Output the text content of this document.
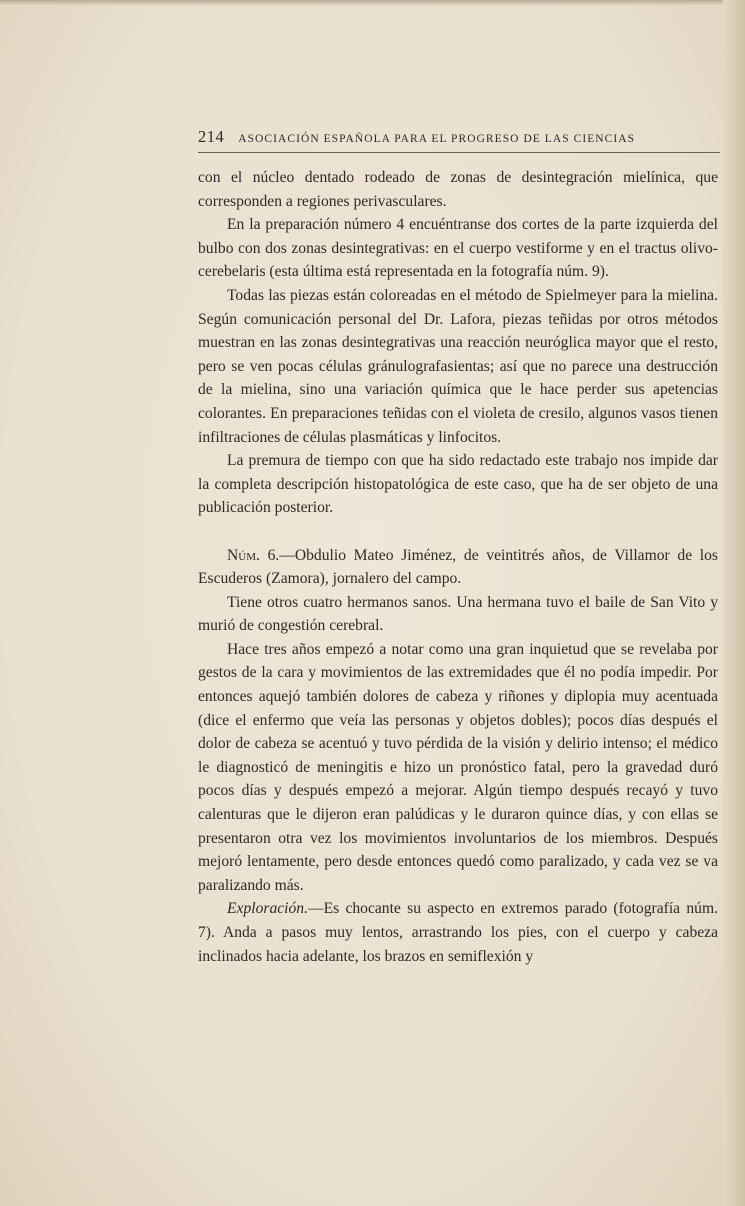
214 ASOCIACIÓN ESPAÑOLA PARA EL PROGRESO DE LAS CIENCIAS

con el núcleo dentado rodeado de zonas de desintegración mielínica, que corresponden a regiones perivasculares.

En la preparación número 4 encuéntranse dos cortes de la parte izquierda del bulbo con dos zonas desintegrativas: en el cuerpo vestiforme y en el tractus olivo-cerebelaris (esta última está representada en la fotografía núm. 9).

Todas las piezas están coloreadas en el método de Spielmeyer para la mielina. Según comunicación personal del Dr. Lafora, piezas teñidas por otros métodos muestran en las zonas desintegrativas una reacción neuróglica mayor que el resto, pero se ven pocas células gránulografasientas; así que no parece una destrucción de la mielina, sino una variación química que le hace perder sus apetencias colorantes. En preparaciones teñidas con el violeta de cresilo, algunos vasos tienen infiltraciones de células plasmáticas y linfocitos.

La premura de tiempo con que ha sido redactado este trabajo nos impide dar la completa descripción histopatológica de este caso, que ha de ser objeto de una publicación posterior.

Núm. 6.—Obdulio Mateo Jiménez, de veintitrés años, de Villamor de los Escuderos (Zamora), jornalero del campo.

Tiene otros cuatro hermanos sanos. Una hermana tuvo el baile de San Vito y murió de congestión cerebral.

Hace tres años empezó a notar como una gran inquietud que se revelaba por gestos de la cara y movimientos de las extremidades que él no podía impedir. Por entonces aquejó también dolores de cabeza y riñones y diplopia muy acentuada (dice el enfermo que veía las personas y objetos dobles); pocos días después el dolor de cabeza se acentuó y tuvo pérdida de la visión y delirio intenso; el médico le diagnosticó de meningitis e hizo un pronóstico fatal, pero la gravedad duró pocos días y después empezó a mejorar. Algún tiempo después recayó y tuvo calenturas que le dijeron eran palúdicas y le duraron quince días, y con ellas se presentaron otra vez los movimientos involuntarios de los miembros. Después mejoró lentamente, pero desde entonces quedó como paralizado, y cada vez se va paralizando más.

Exploración.—Es chocante su aspecto en extremos parado (fotografía núm. 7). Anda a pasos muy lentos, arrastrando los pies, con el cuerpo y cabeza inclinados hacia adelante, los brazos en semiflexión y
